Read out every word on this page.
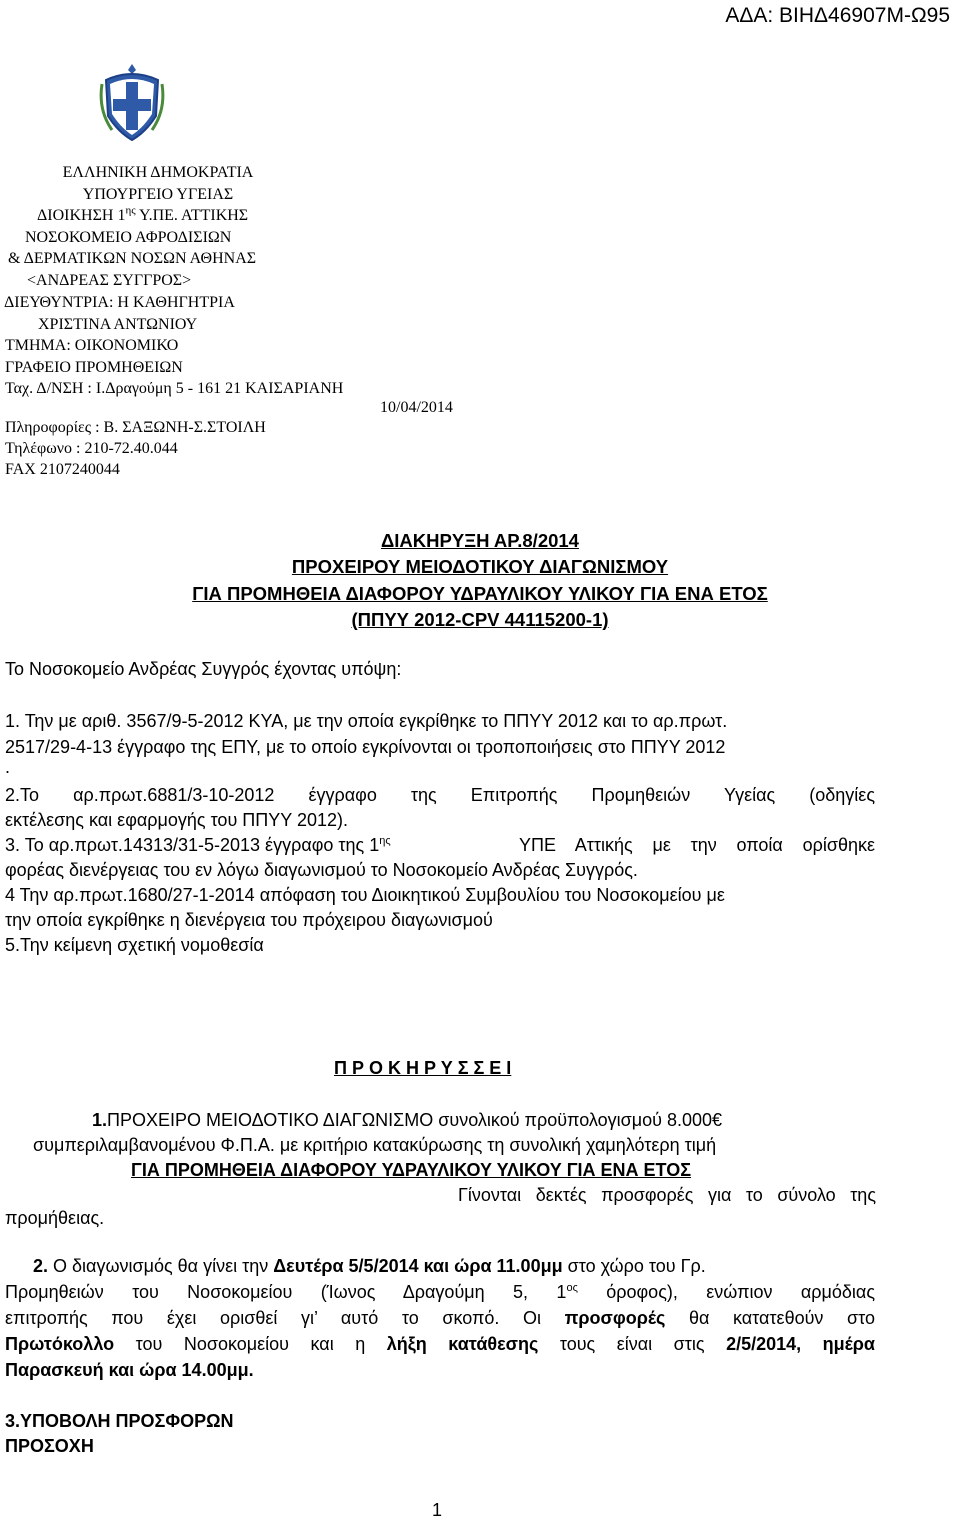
ΑΔΑ: ΒΙΗΔ46907Μ-Ω95
ΕΛΛΗΝΙΚΗ ΔΗΜΟΚΡΑΤΙΑ
ΥΠΟΥΡΓΕΙΟ ΥΓΕΙΑΣ
ΔΙΟΙΚΗΣΗ $1^{\eta\varsigma}$ Υ.ΠΕ. ΑΤΤΙΚΗΣ
ΝΟΣΟΚΟΜΕΙΟ ΑΦΡΟΔΙΣΙΩΝ
& ΔΕΡΜΑΤΙΚΩΝ ΝΟΣΩΝ ΑΘΗΝΑΣ
<ΑΝΔΡΕΑΣ ΣΥΓΓΡΟΣ>
ΔΙΕΥΘΥΝΤΡΙΑ: Η ΚΑΘΗΓΗΤΡΙΑ
ΧΡΙΣΤΙΝΑ ΑΝΤΩΝΙΟΥ
ΤΜΗΜΑ: ΟΙΚΟΝΟΜΙΚΟ
ΓΡΑΦΕΙΟ ΠΡΟΜΗΘΕΙΩΝ
Ταχ. Δ/ΝΣΗ : Ι.Δραγούμη 5 - 161 21 ΚΑΙΣΑΡΙΑΝΗ
10/04/2014
Πληροφορίες : Β. ΣΑΞΩΝΗ-Σ.ΣΤΟΙΛΗ
Τηλέφωνο : 210-72.40.044
FAX 2107240044
ΔΙΑΚΗΡΥΞΗ ΑΡ.8/2014
ΠΡΟΧΕΙΡΟΥ ΜΕΙΟΔΟΤΙΚΟΥ ΔΙΑΓΩΝΙΣΜΟΥ
ΓΙΑ ΠΡΟΜΗΘΕΙΑ ΔΙΑΦΟΡΟΥ ΥΔΡΑΥΛΙΚΟΥ ΥΛΙΚΟΥ ΓΙΑ ΕΝΑ ΕΤΟΣ
(ΠΠΥΥ 2012-CPV 44115200-1)
Το Νοσοκομείο Ανδρέας Συγγρός έχοντας υπόψη:
1. Την με αριθ. 3567/9-5-2012 ΚΥΑ, με την οποία εγκρίθηκε το ΠΠΥΥ 2012 και το αρ.πρωτ.
2517/29-4-13 έγγραφο της ΕΠΥ, με το οποίο εγκρίνονται οι τροποποιήσεις στο ΠΠΥΥ 2012
.
2.Το αρ.πρωτ.6881/3-10-2012 έγγραφο της Επιτροπής Προμηθειών Υγείας (οδηγίες
εκτέλεσης και εφαρμογής του ΠΠΥΥ 2012).
3. Το αρ.πρωτ.14313/31-5-2013 έγγραφο της $1^{\eta\varsigma}$	ΥΠΕ Αττικής με την οποία ορίσθηκε
φορέας διενέργειας του εν λόγω διαγωνισμού το Νοσοκομείο Ανδρέας Συγγρός.
4 Την αρ.πρωτ.1680/27-1-2014 απόφαση του Διοικητικού Συμβουλίου του Νοσοκομείου με
την οποία εγκρίθηκε η διενέργεια του πρόχειρου διαγωνισμού
5.Την κείμενη σχετική νομοθεσία
Π Ρ Ο Κ Η Ρ Υ Σ Σ Ε Ι
1.ΠΡΟΧΕΙΡΟ ΜΕΙΟΔΟΤΙΚΟ ΔΙΑΓΩΝΙΣΜΟ συνολικού προϋπολογισμού 8.000€
συμπεριλαμβανομένου Φ.Π.Α. με κριτήριο κατακύρωσης τη συνολική χαμηλότερη τιμή
ΓΙΑ ΠΡΟΜΗΘΕΙΑ ΔΙΑΦΟΡΟΥ ΥΔΡΑΥΛΙΚΟΥ ΥΛΙΚΟΥ ΓΙΑ ΕΝΑ ΕΤΟΣ
Γίνονται δεκτές προσφορές για το σύνολο της
προμήθειας.
2. Ο διαγωνισμός θα γίνει την Δευτέρα 5/5/2014 και ώρα 11.00μμ στο χώρο του Γρ.
Προμηθειών του Νοσοκομείου (Ίωνος Δραγούμη 5, $1^{o\varsigma}$ όροφος), ενώπιον αρμόδιας
επιτροπής που έχει ορισθεί γι’ αυτό το σκοπό. Οι προσφορές θα κατατεθούν στο
Πρωτόκολλο του Νοσοκομείου και η λήξη κατάθεσης τους είναι στις 2/5/2014, ημέρα
Παρασκευή και ώρα 14.00μμ.
3.ΥΠΟΒΟΛΗ ΠΡΟΣΦΟΡΩΝ
ΠΡΟΣΟΧΗ
1
